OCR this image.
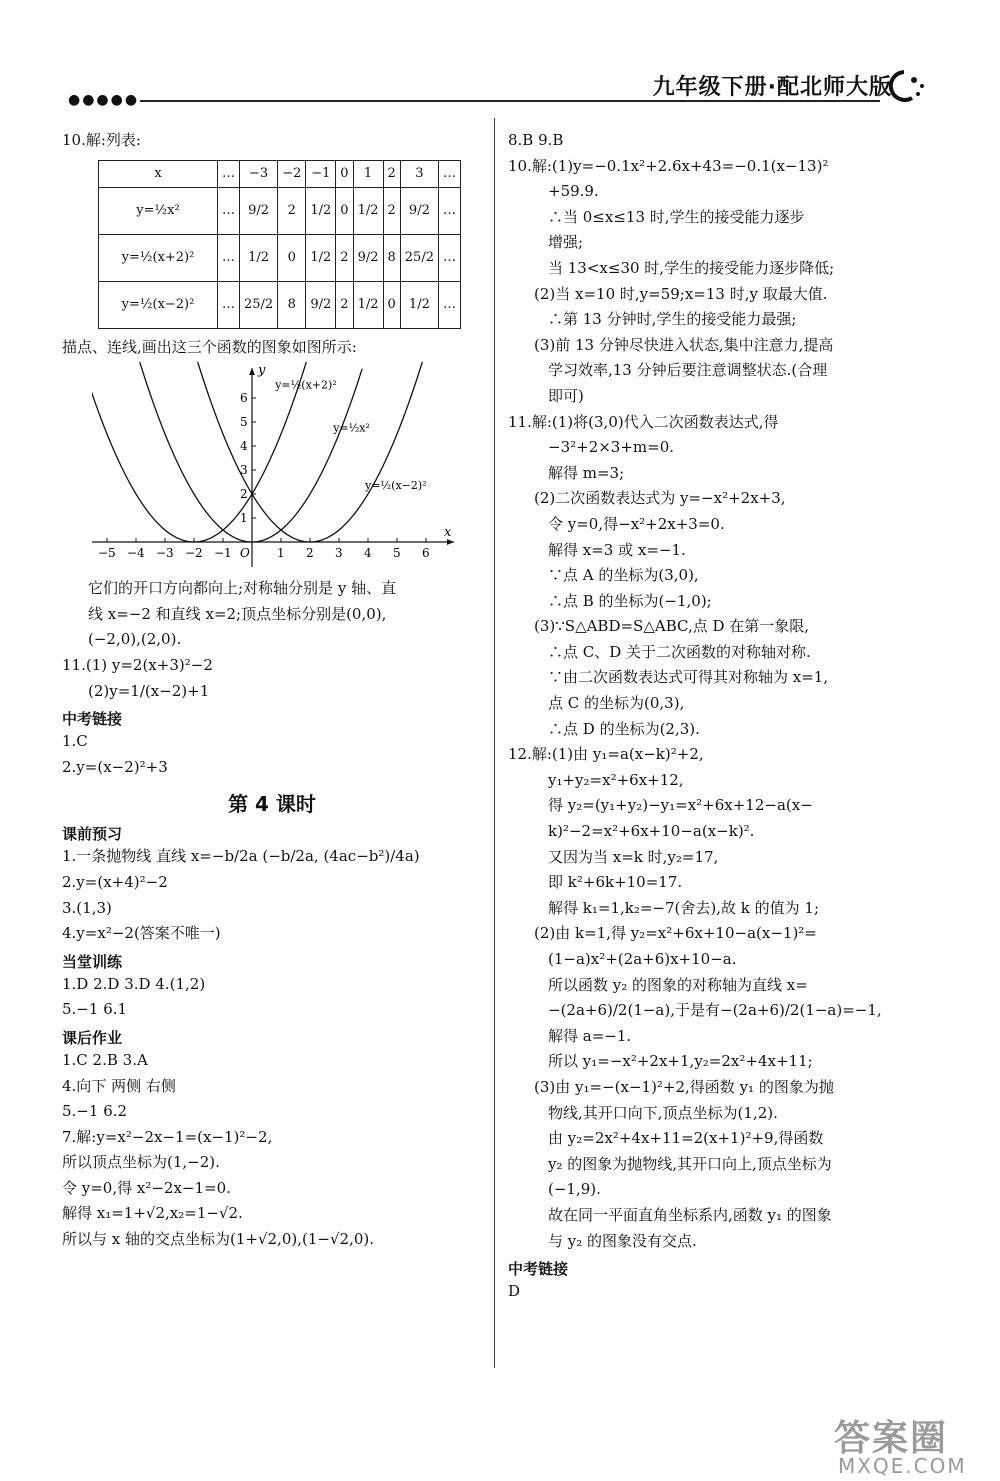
●●●●●	九年级下册·配北师大版
10.解:列表:
x	…	−3	−2	−1	0	1	2	3	…
y=½x²	…	9/2	2	1/2	0	1/2	2	9/2	…
y=½(x+2)²	…	1/2	0	1/2	2	9/2	8	25/2	…
y=½(x−2)²	…	25/2	8	9/2	2	1/2	0	1/2	…
描点、连线,画出这三个函数的图象如图所示:
x
y
−5 −4 −3 −2 −1 O 1 2 3 4 5 6
6
5
4
3
2
1
y=½(x+2)²
y=½x²
y=½(x−2)²
它们的开口方向都向上;对称轴分别是 y 轴、直
线 x=−2 和直线 x=2;顶点坐标分别是(0,0),
(−2,0),(2,0).
11.(1) y=2(x+3)²−2
(2)y=1/(x−2)+1
中考链接
1.C
2.y=(x−2)²+3
第 4 课时
课前预习
1.一条抛物线 直线 x=−b/2a (−b/2a, (4ac−b²)/4a)
2.y=(x+4)²−2
3.(1,3)
4.y=x²−2(答案不唯一)
当堂训练
1.D 2.D 3.D 4.(1,2)
5.−1 6.1
课后作业
1.C 2.B 3.A
4.向下 两侧 右侧
5.−1 6.2
7.解:y=x²−2x−1=(x−1)²−2,
所以顶点坐标为(1,−2).
令 y=0,得 x²−2x−1=0.
解得 x₁=1+√2,x₂=1−√2.
所以与 x 轴的交点坐标为(1+√2,0),(1−√2,0).
8.B 9.B
10.解:(1)y=−0.1x²+2.6x+43=−0.1(x−13)²
+59.9.
∴当 0≤x≤13 时,学生的接受能力逐步
增强;
当 13<x≤30 时,学生的接受能力逐步降低;
(2)当 x=10 时,y=59;x=13 时,y 取最大值.
∴第 13 分钟时,学生的接受能力最强;
(3)前 13 分钟尽快进入状态,集中注意力,提高
学习效率,13 分钟后要注意调整状态.(合理
即可)
11.解:(1)将(3,0)代入二次函数表达式,得
−3²+2×3+m=0.
解得 m=3;
(2)二次函数表达式为 y=−x²+2x+3,
令 y=0,得−x²+2x+3=0.
解得 x=3 或 x=−1.
∵点 A 的坐标为(3,0),
∴点 B 的坐标为(−1,0);
(3)∵S△ABD=S△ABC,点 D 在第一象限,
∴点 C、D 关于二次函数的对称轴对称.
∵由二次函数表达式可得其对称轴为 x=1,
点 C 的坐标为(0,3),
∴点 D 的坐标为(2,3).
12.解:(1)由 y₁=a(x−k)²+2,
y₁+y₂=x²+6x+12,
得 y₂=(y₁+y₂)−y₁=x²+6x+12−a(x−
k)²−2=x²+6x+10−a(x−k)².
又因为当 x=k 时,y₂=17,
即 k²+6k+10=17.
解得 k₁=1,k₂=−7(舍去),故 k 的值为 1;
(2)由 k=1,得 y₂=x²+6x+10−a(x−1)²=
(1−a)x²+(2a+6)x+10−a.
所以函数 y₂ 的图象的对称轴为直线 x=
−(2a+6)/2(1−a),于是有−(2a+6)/2(1−a)=−1,
解得 a=−1.
所以 y₁=−x²+2x+1,y₂=2x²+4x+11;
(3)由 y₁=−(x−1)²+2,得函数 y₁ 的图象为抛
物线,其开口向下,顶点坐标为(1,2).
由 y₂=2x²+4x+11=2(x+1)²+9,得函数
y₂ 的图象为抛物线,其开口向上,顶点坐标为
(−1,9).
故在同一平面直角坐标系内,函数 y₁ 的图象
与 y₂ 的图象没有交点.
中考链接
D
答案圈
MXQE.COM
